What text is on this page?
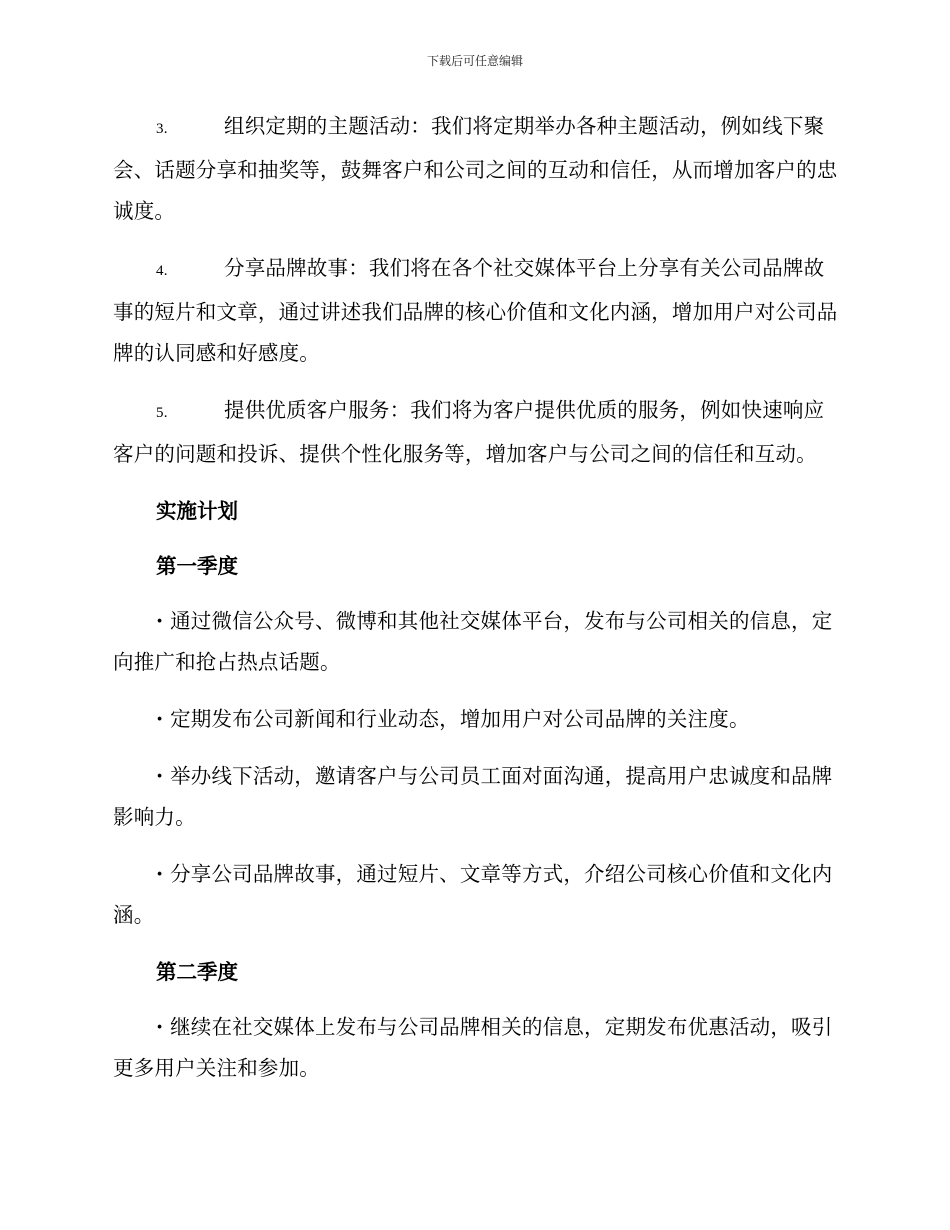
下载后可任意编辑

3.	组织定期的主题活动：我们将定期举办各种主题活动，例如线下聚会、话题分享和抽奖等，鼓舞客户和公司之间的互动和信任，从而增加客户的忠诚度。

4.	分享品牌故事：我们将在各个社交媒体平台上分享有关公司品牌故事的短片和文章，通过讲述我们品牌的核心价值和文化内涵，增加用户对公司品牌的认同感和好感度。

5.	提供优质客户服务：我们将为客户提供优质的服务，例如快速响应客户的问题和投诉、提供个性化服务等，增加客户与公司之间的信任和互动。

实施计划
第一季度

· 通过微信公众号、微博和其他社交媒体平台，发布与公司相关的信息，定向推广和抢占热点话题。

· 定期发布公司新闻和行业动态，增加用户对公司品牌的关注度。

· 举办线下活动，邀请客户与公司员工面对面沟通，提高用户忠诚度和品牌影响力。

· 分享公司品牌故事，通过短片、文章等方式，介绍公司核心价值和文化内涵。

第二季度

· 继续在社交媒体上发布与公司品牌相关的信息，定期发布优惠活动，吸引更多用户关注和参加。
